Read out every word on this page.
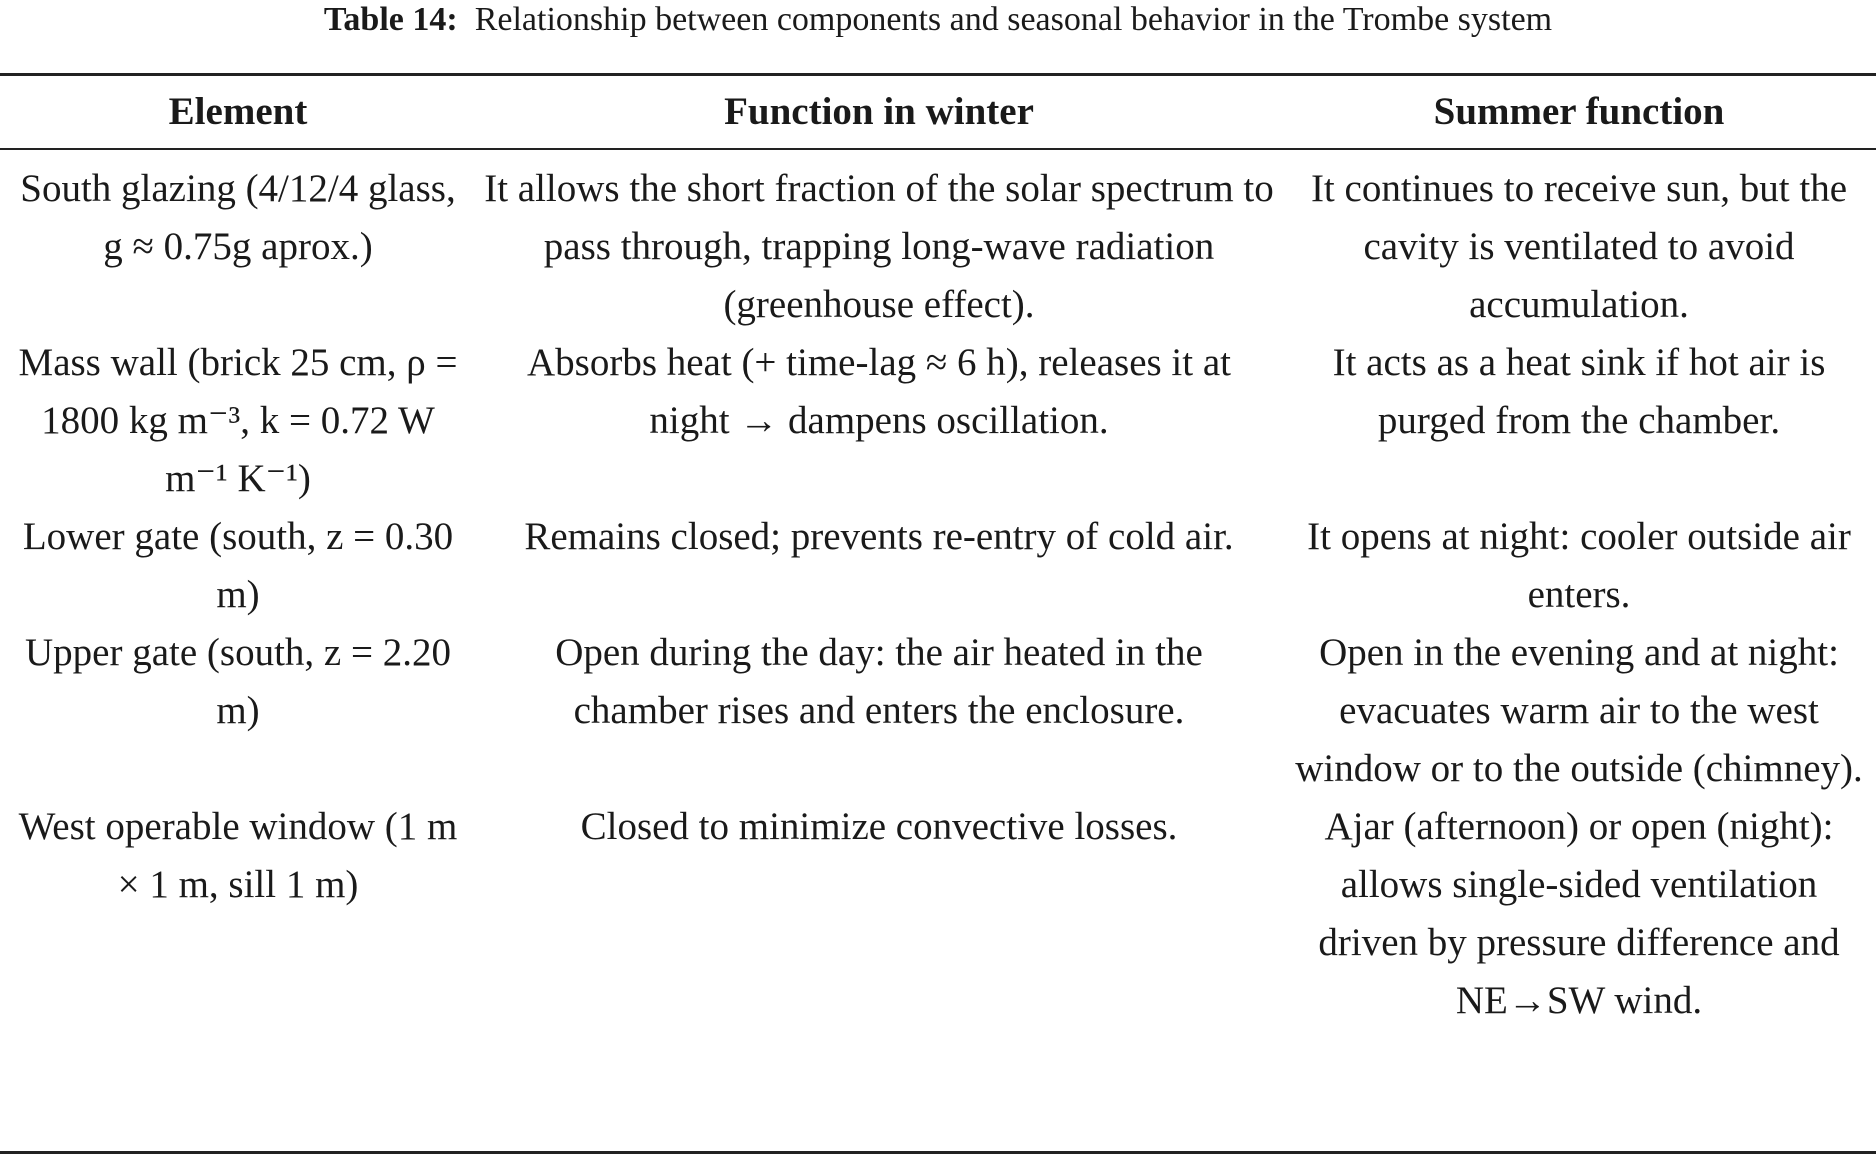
Table 14: Relationship between components and seasonal behavior in the Trombe system
Element	Function in winter	Summer function
South glazing (4/12/4 glass, g ≈ 0.75g aprox.)	It allows the short fraction of the solar spectrum to pass through, trapping long-wave radiation (greenhouse effect).	It continues to receive sun, but the cavity is ventilated to avoid accumulation.
Mass wall (brick 25 cm, ρ = 1800 kg m⁻³, k = 0.72 W m⁻¹ K⁻¹)	Absorbs heat (+ time-lag ≈ 6 h), releases it at night → dampens oscillation.	It acts as a heat sink if hot air is purged from the chamber.
Lower gate (south, z = 0.30 m)	Remains closed; prevents re-entry of cold air.	It opens at night: cooler outside air enters.
Upper gate (south, z = 2.20 m)	Open during the day: the air heated in the chamber rises and enters the enclosure.	Open in the evening and at night: evacuates warm air to the west window or to the outside (chimney).
West operable window (1 m × 1 m, sill 1 m)	Closed to minimize convective losses.	Ajar (afternoon) or open (night): allows single-sided ventilation driven by pressure difference and NE→SW wind.
